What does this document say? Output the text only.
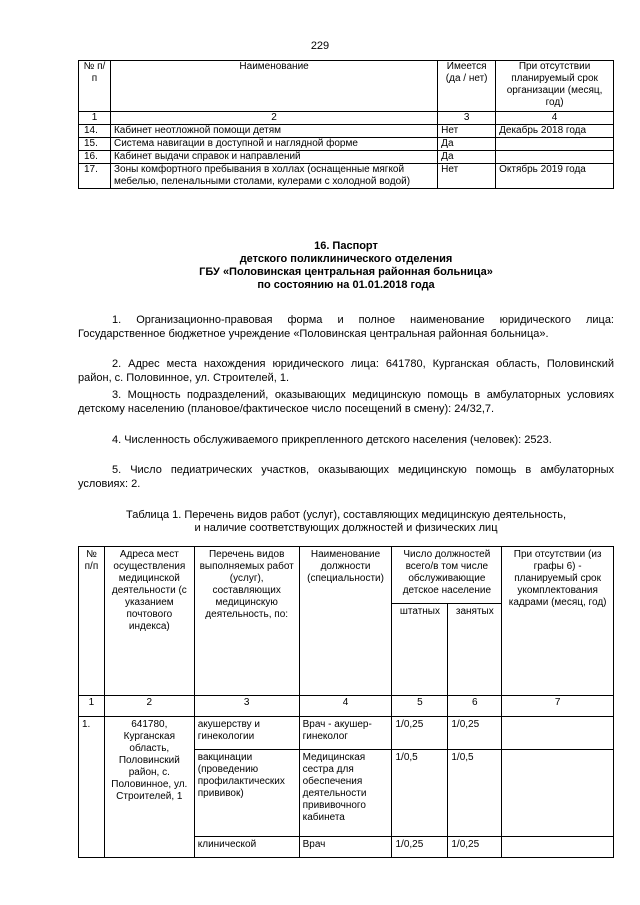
229
№ п/п	Наименование	Имеется (да / нет)	При отсутствии планируемый срок организации (месяц, год)
1	2	3	4
14.	Кабинет неотложной помощи детям	Нет	Декабрь 2018 года
15.	Система навигации в доступной и наглядной форме	Да	
16.	Кабинет выдачи справок и направлений	Да	
17.	Зоны комфортного пребывания в холлах (оснащенные мягкой мебелью, пеленальными столами, кулерами с холодной водой)	Нет	Октябрь 2019 года
16. Паспорт
детского поликлинического отделения
ГБУ «Половинская центральная районная больница»
по состоянию на 01.01.2018 года
1. Организационно-правовая форма и полное наименование юридического лица: Государственное бюджетное учреждение «Половинская центральная районная больница».
2. Адрес места нахождения юридического лица: 641780, Курганская область, Половинский район, с. Половинное, ул. Строителей, 1.
3. Мощность подразделений, оказывающих медицинскую помощь в амбулаторных условиях детскому населению (плановое/фактическое число посещений в смену): 24/32,7.
4. Численность обслуживаемого прикрепленного детского населения (человек): 2523.
5. Число педиатрических участков, оказывающих медицинскую помощь в амбулаторных условиях: 2.
Таблица 1. Перечень видов работ (услуг), составляющих медицинскую деятельность,
и наличие соответствующих должностей и физических лиц
№ п/п	Адреса мест осуществления медицинской деятельности (с указанием почтового индекса)	Перечень видов выполняемых работ (услуг), составляющих медицинскую деятельность, по:	Наименование должности (специальности)	Число должностей всего/в том числе обслуживающие детское население		При отсутствии (из графы 6) - планируемый срок укомплектования кадрами (месяц, год)
				штатных	занятых	
1	2	3	4	5	6	7
1.	641780, Курганская область, Половинский район, с. Половинное, ул. Строителей, 1	акушерству и гинекологии	Врач - акушер-гинеколог	1/0,25	1/0,25	
		вакцинации (проведению профилактических прививок)	Медицинская сестра для обеспечения деятельности прививочного кабинета	1/0,5	1/0,5	
		клинической	Врач	1/0,25	1/0,25	
